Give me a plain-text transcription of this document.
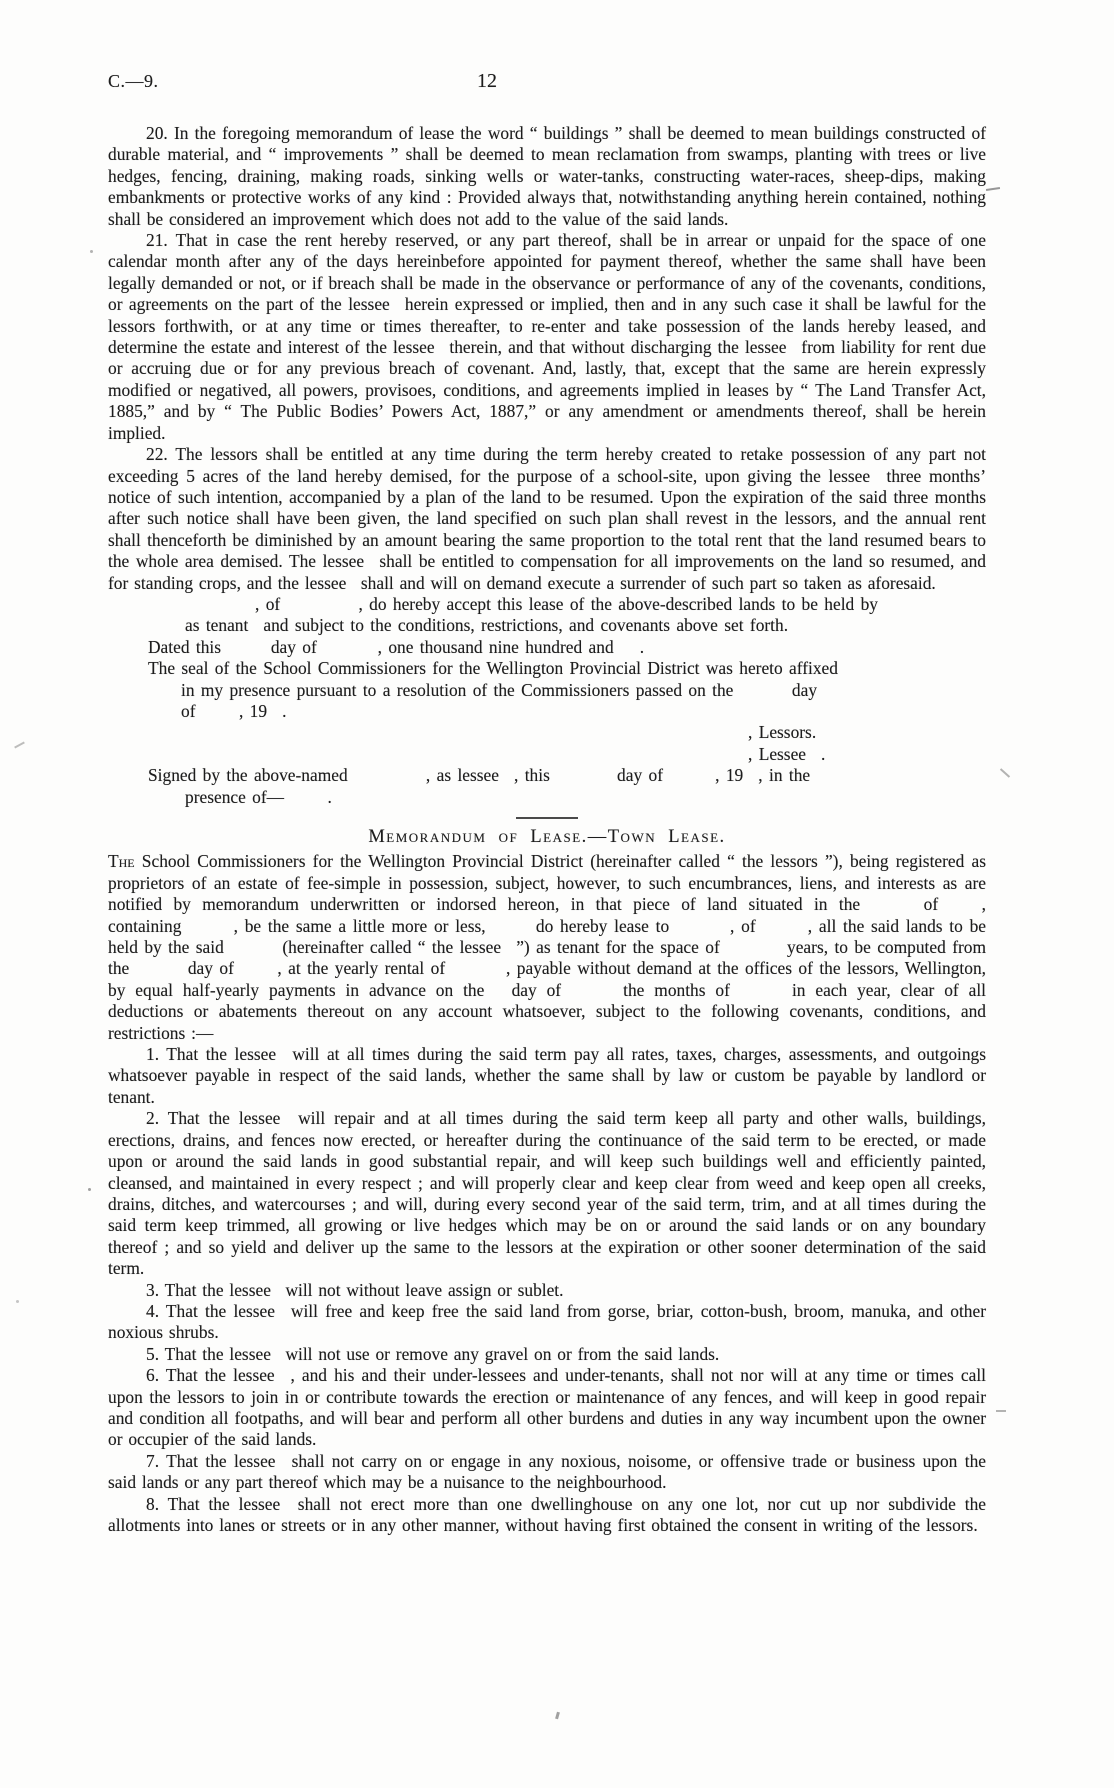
C.—9.	12

20. In the foregoing memorandum of lease the word “ buildings ” shall be deemed to mean buildings constructed of durable material, and “ improvements ” shall be deemed to mean reclamation from swamps, planting with trees or live hedges, fencing, draining, making roads, sinking wells or water-tanks, constructing water-races, sheep-dips, making embankments or protective works of any kind : Provided always that, notwithstanding anything herein contained, nothing shall be considered an improvement which does not add to the value of the said lands.

21. That in case the rent hereby reserved, or any part thereof, shall be in arrear or unpaid for the space of one calendar month after any of the days hereinbefore appointed for payment thereof, whether the same shall have been legally demanded or not, or if breach shall be made in the observance or performance of any of the covenants, conditions, or agreements on the part of the lessee  herein expressed or implied, then and in any such case it shall be lawful for the lessors forthwith, or at any time or times thereafter, to re-enter and take possession of the lands hereby leased, and determine the estate and interest of the lessee  therein, and that without discharging the lessee  from liability for rent due or accruing due or for any previous breach of covenant. And, lastly, that, except that the same are herein expressly modified or negatived, all powers, provisoes, conditions, and agreements implied in leases by “ The Land Transfer Act, 1885,” and by “ The Public Bodies’ Powers Act, 1887,” or any amendment or amendments thereof, shall be herein implied.

22. The lessors shall be entitled at any time during the term hereby created to retake possession of any part not exceeding 5 acres of the land hereby demised, for the purpose of a school-site, upon giving the lessee  three months’ notice of such intention, accompanied by a plan of the land to be resumed. Upon the expiration of the said three months after such notice shall have been given, the land specified on such plan shall revest in the lessors, and the annual rent shall thenceforth be diminished by an amount bearing the same proportion to the total rent that the land resumed bears to the whole area demised. The lessee  shall be entitled to compensation for all improvements on the land so resumed, and for standing crops, and the lessee  shall and will on demand execute a surrender of such part so taken as aforesaid.

, of     , do hereby accept this lease of the above-described lands to be held by
as tenant  and subject to the conditions, restrictions, and covenants above set forth.
Dated this    day of    , one thousand nine hundred and  .
The seal of the School Commissioners for the Wellington Provincial District was hereto affixed
in my presence pursuant to a resolution of the Commissioners passed on the    day
of   , 19  .
, Lessors.
, Lessee  .
Signed by the above-named     , as lessee  , this     day of   , 19  , in the
presence of—   .
Memorandum of Lease.—Town Lease.

The School Commissioners for the Wellington Provincial District (hereinafter called “ the lessors ”), being registered as proprietors of an estate of fee-simple in possession, subject, however, to such encumbrances, liens, and interests as are notified by memorandum underwritten or indorsed hereon, in that piece of land situated in the    of   , containing   , be the same a little more or less,    do hereby lease to    , of   , all the said lands to be held by the said    (hereinafter called “ the lessee  ”) as tenant for the space of     years, to be computed from the    day of   , at the yearly rental of    , payable without demand at the offices of the lessors, Wellington, by equal half-yearly payments in advance on the  day of    the months of    in each year, clear of all deductions or abatements thereout on any account whatsoever, subject to the following covenants, conditions, and restrictions :—

1. That the lessee  will at all times during the said term pay all rates, taxes, charges, assessments, and outgoings whatsoever payable in respect of the said lands, whether the same shall by law or custom be payable by landlord or tenant.

2. That the lessee  will repair and at all times during the said term keep all party and other walls, buildings, erections, drains, and fences now erected, or hereafter during the continuance of the said term to be erected, or made upon or around the said lands in good substantial repair, and will keep such buildings well and efficiently painted, cleansed, and maintained in every respect ; and will properly clear and keep clear from weed and keep open all creeks, drains, ditches, and watercourses ; and will, during every second year of the said term, trim, and at all times during the said term keep trimmed, all growing or live hedges which may be on or around the said lands or on any boundary thereof ; and so yield and deliver up the same to the lessors at the expiration or other sooner determination of the said term.

3. That the lessee  will not without leave assign or sublet.

4. That the lessee  will free and keep free the said land from gorse, briar, cotton-bush, broom, manuka, and other noxious shrubs.

5. That the lessee  will not use or remove any gravel on or from the said lands.

6. That the lessee  , and his and their under-lessees and under-tenants, shall not nor will at any time or times call upon the lessors to join in or contribute towards the erection or maintenance of any fences, and will keep in good repair and condition all footpaths, and will bear and perform all other burdens and duties in any way incumbent upon the owner or occupier of the said lands.

7. That the lessee  shall not carry on or engage in any noxious, noisome, or offensive trade or business upon the said lands or any part thereof which may be a nuisance to the neighbourhood.

8. That the lessee  shall not erect more than one dwellinghouse on any one lot, nor cut up nor subdivide the allotments into lanes or streets or in any other manner, without having first obtained the consent in writing of the lessors.
